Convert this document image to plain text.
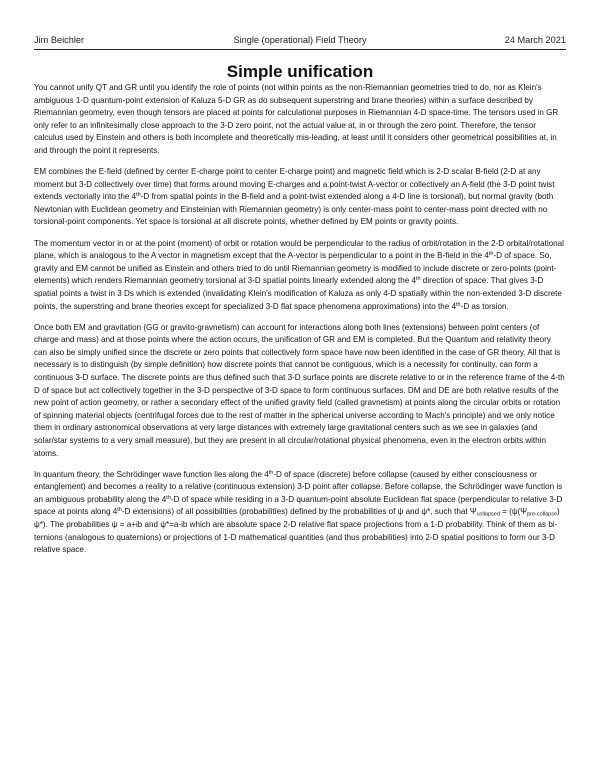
Jim Beichler	Single (operational) Field Theory	24 March 2021
Simple unification

You cannot unify QT and GR until you identify the role of points (not within points as the non-Riemannian geometries tried to do, nor as Klein's ambiguous 1-D quantum-point extension of Kaluza 5-D GR as do subsequent superstring and brane theories) within a surface described by Riemannian geometry, even though tensors are placed at points for calculational purposes in Riemannian 4-D space-time. The tensors used in GR only refer to an infinitesimally close approach to the 3-D zero point, not the actual value at, in or through the zero point. Therefore, the tensor calculus used by Einstein and others is both incomplete and theoretically mis-leading, at least until it considers other geometrical possibilities at, in and through the point it represents.

EM combines the E-field (defined by center E-charge point to center E-charge point) and magnetic field which is 2-D scalar B-field (2-D at any moment but 3-D collectively over time) that forms around moving E-charges and a point-twist A-vector or collectively an A-field (the 3-D point twist extends vectorially into the 4th-D from spatial points in the B-field and a point-twist extended along a 4-D line is torsional), but normal gravity (both Newtonian with Euclidean geometry and Einsteinian with Riemannian geometry) is only center-mass point to center-mass point directed with no torsional-point components. Yet space is torsional at all discrete points, whether defined by EM points or gravity points.

The momentum vector in or at the point (moment) of orbit or rotation would be perpendicular to the radius of orbit/rotation in the 2-D orbital/rotational plane, which is analogous to the A vector in magnetism except that the A-vector is perpendicular to a point in the B-field in the 4th-D of space. So, gravity and EM cannot be unified as Einstein and others tried to do until Riemannian geometry is modified to include discrete or zero-points (point-elements) which renders Riemannian geometry torsional at 3-D spatial points linearly extended along the 4th direction of space. That gives 3-D spatial points a twist in 3 Ds which is extended (invalidating Klein's modification of Kaluza as only 4-D spatially within the non-extended 3-D discrete points, the superstring and brane theories except for specialized 3-D flat space phenomena approximations) into the 4th-D as torsion.

Once both EM and gravitation (GG or gravito-gravnetism) can account for interactions along both lines (extensions) between point centers (of charge and mass) and at those points where the action occurs, the unification of GR and EM is completed. But the Quantum and relativity theory can also be simply unified since the discrete or zero points that collectively form space have now been identified in the case of GR theory. All that is necessary is to distinguish (by simple definition) how discrete points that cannot be contiguous, which is a necessity for continuity, can form a continuous 3-D surface. The discrete points are thus defined such that 3-D surface points are discrete relative to or in the reference frame of the 4-th D of space but act collectively together in the 3-D perspective of 3-D space to form continuous surfaces. DM and DE are both relative results of the new point of action geometry, or rather a secondary effect of the unified gravity field (called gravnetism) at points along the circular orbits or rotation of spinning material objects (centrifugal forces due to the rest of matter in the spherical universe according to Mach's principle) and we only notice them in ordinary astronomical observations at very large distances with extremely large gravitational centers such as we see in galaxies (and solar/star systems to a very small measure), but they are present in all circular/rotational physical phenomena, even in the electron orbits within atoms.

In quantum theory, the Schrödinger wave function lies along the 4th-D of space (discrete) before collapse (caused by either consciousness or entanglement) and becomes a reality to a relative (continuous extension) 3-D point after collapse. Before collapse, the Schrödinger wave function is an ambiguous probability along the 4th-D of space while residing in a 3-D quantum-point absolute Euclidean flat space (perpendicular to relative 3-D space at points along 4th-D extensions) of all possibilities (probabilities) defined by the probabilities of ψ and ψ*, such that $\Psi_{collapsed} = (\psi(\Psi_{pre-collapse})$ ψ*). The probabilities ψ = a+ib and ψ*=a-ib which are absolute space 2-D relative flat space projections from a 1-D probability. Think of them as bi-ternions (analogous to quaternions) or projections of 1-D mathematical quantities (and thus probabilities) into 2-D spatial positions to form our 3-D relative space.
